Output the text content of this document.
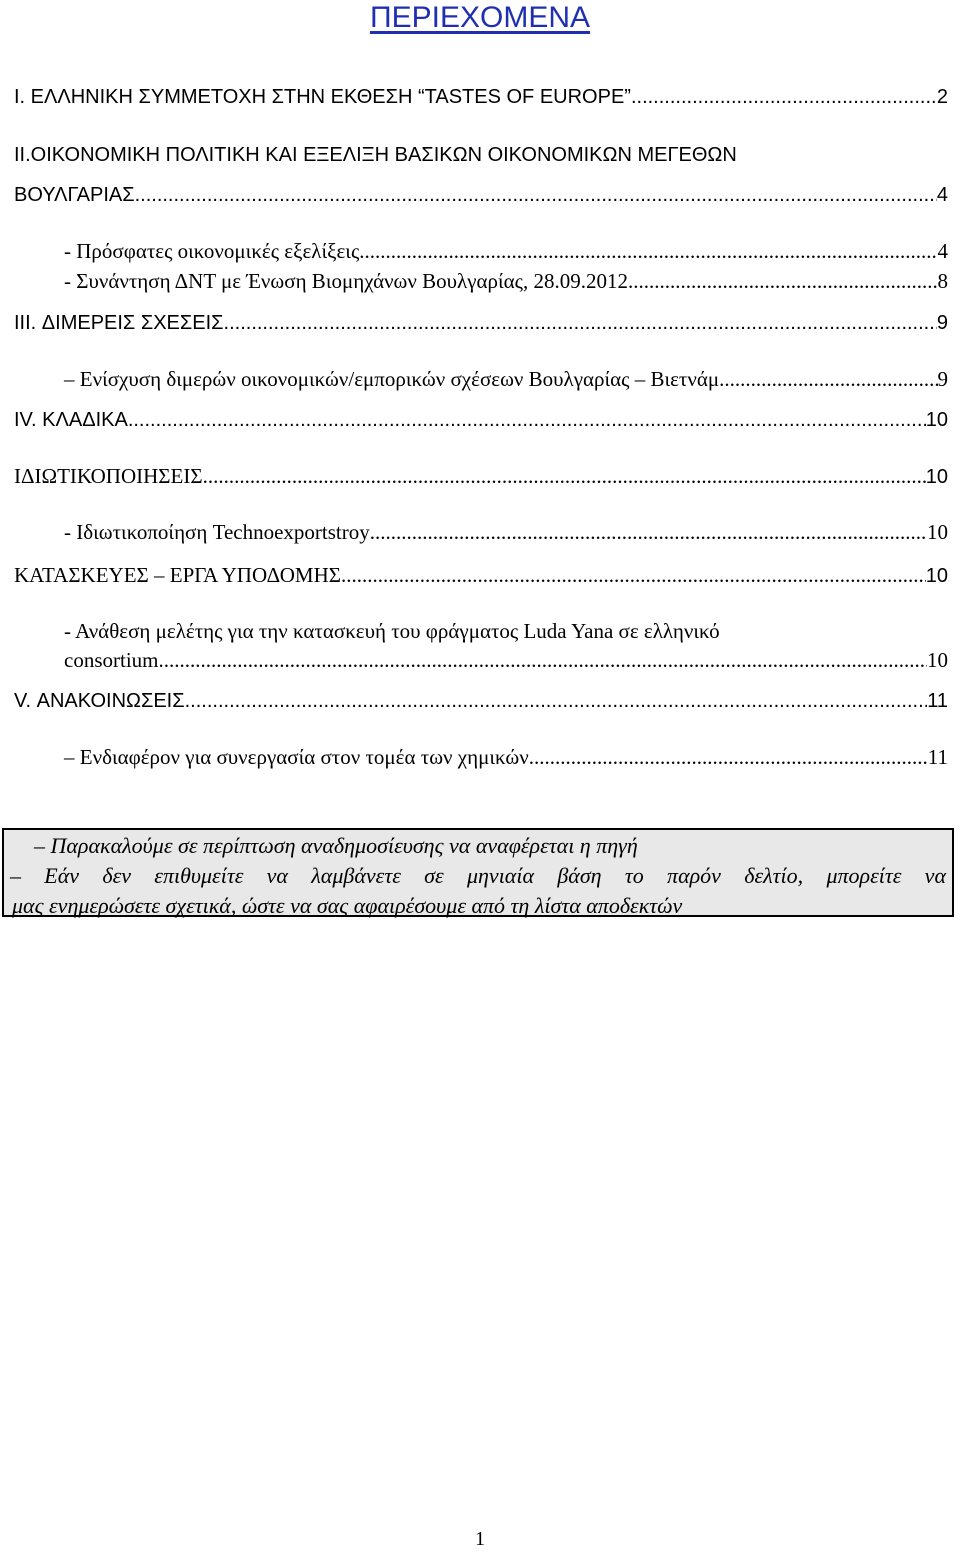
ΠΕΡΙΕΧΟΜΕΝΑ
I. ΕΛΛΗΝΙΚΗ ΣΥΜΜΕΤΟΧΗ ΣΤΗΝ ΕΚΘΕΣΗ “TASTES OF EUROPE” .....	2
II.ΟΙΚΟΝΟΜΙΚΗ ΠΟΛΙΤΙΚΗ ΚΑΙ ΕΞΕΛΙΞΗ ΒΑΣΙΚΩΝ ΟΙΚΟΝΟΜΙΚΩΝ ΜΕΓΕΘΩΝ
ΒΟΥΛΓΑΡΙΑΣ .....	4
- Πρόσφατες οικονομικές εξελίξεις .....	4
- Συνάντηση ΔΝΤ με Ένωση Βιομηχάνων Βουλγαρίας, 28.09.2012 .....	8
III. ΔΙΜΕΡΕΙΣ ΣΧΕΣΕΙΣ .....	9
– Ενίσχυση διμερών οικονομικών/εμπορικών σχέσεων Βουλγαρίας – Βιετνάμ .....	9
IV. ΚΛΑΔΙΚΑ .....	10
ΙΔΙΩΤΙΚΟΠΟΙΗΣΕΙΣ .....	10
- Ιδιωτικοποίηση Technoexportstroy .....	10
ΚΑΤΑΣΚΕΥΕΣ – ΕΡΓΑ ΥΠΟΔΟΜΗΣ .....	10
- Ανάθεση μελέτης για την κατασκευή του φράγματος Luda Yana σε ελληνικό
consortium .....	10
V. ΑΝΑΚΟΙΝΩΣΕΙΣ .....	11
– Ενδιαφέρον για συνεργασία στον τομέα των χημικών .....	11
– Παρακαλούμε σε περίπτωση αναδημοσίευσης να αναφέρεται η πηγή
– Εάν δεν επιθυμείτε να λαμβάνετε σε μηνιαία βάση το παρόν δελτίο, μπορείτε να
μας ενημερώσετε σχετικά, ώστε να σας αφαιρέσουμε από τη λίστα αποδεκτών
1
